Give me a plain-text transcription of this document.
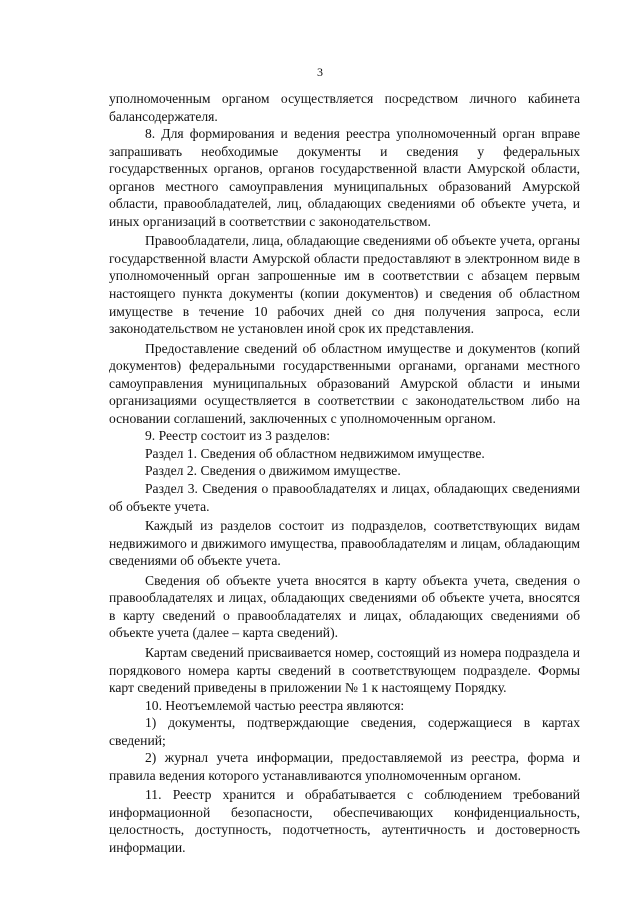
3

уполномоченным органом осуществляется посредством личного кабинета балансодержателя.

8. Для формирования и ведения реестра уполномоченный орган вправе запрашивать необходимые документы и сведения у федеральных государственных органов, органов государственной власти Амурской области, органов местного самоуправления муниципальных образований Амурской области, правообладателей, лиц, обладающих сведениями об объекте учета, и иных организаций в соответствии с законодательством.

Правообладатели, лица, обладающие сведениями об объекте учета, органы государственной власти Амурской области предоставляют в электронном виде в уполномоченный орган запрошенные им в соответствии с абзацем первым настоящего пункта документы (копии документов) и сведения об областном имуществе в течение 10 рабочих дней со дня получения запроса, если законодательством не установлен иной срок их представления.

Предоставление сведений об областном имуществе и документов (копий документов) федеральными государственными органами, органами местного самоуправления муниципальных образований Амурской области и иными организациями осуществляется в соответствии с законодательством либо на основании соглашений, заключенных с уполномоченным органом.

9. Реестр состоит из 3 разделов:

Раздел 1. Сведения об областном недвижимом имуществе.

Раздел 2. Сведения о движимом имуществе.

Раздел 3. Сведения о правообладателях и лицах, обладающих сведениями об объекте учета.

Каждый из разделов состоит из подразделов, соответствующих видам недвижимого и движимого имущества, правообладателям и лицам, обладающим сведениями об объекте учета.

Сведения об объекте учета вносятся в карту объекта учета, сведения о правообладателях и лицах, обладающих сведениями об объекте учета, вносятся в карту сведений о правообладателях и лицах, обладающих сведениями об объекте учета (далее – карта сведений).

Картам сведений присваивается номер, состоящий из номера подраздела и порядкового номера карты сведений в соответствующем подразделе. Формы карт сведений приведены в приложении № 1 к настоящему Порядку.

10. Неотъемлемой частью реестра являются:

1) документы, подтверждающие сведения, содержащиеся в картах сведений;

2) журнал учета информации, предоставляемой из реестра, форма и правила ведения которого устанавливаются уполномоченным органом.

11. Реестр хранится и обрабатывается с соблюдением требований информационной безопасности, обеспечивающих конфиденциальность, целостность, доступность, подотчетность, аутентичность и достоверность информации.
